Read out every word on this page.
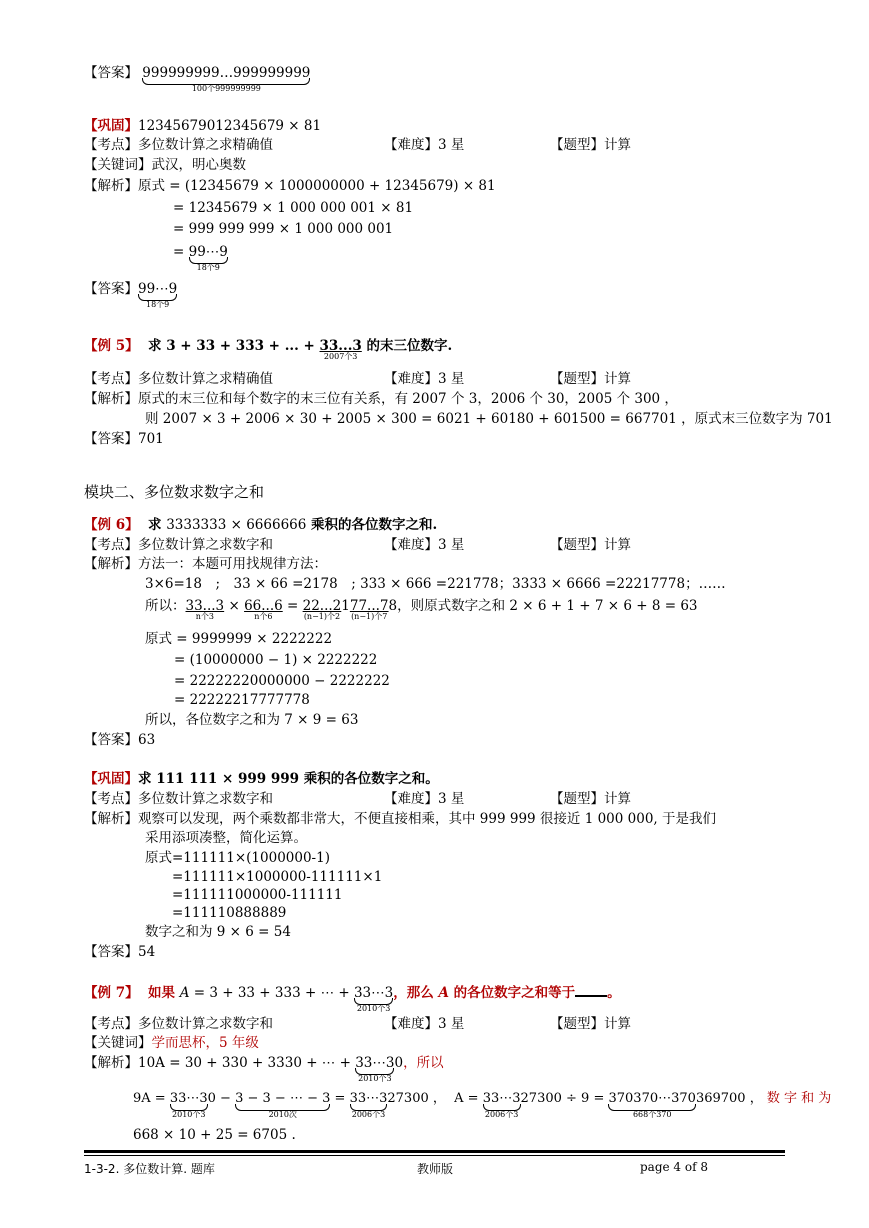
【答案】 999999999…999999999
100个999999999
【巩固】12345679012345679 × 81
【考点】多位数计算之求精确值	【难度】3 星	【题型】计算
【关键词】武汉，明心奥数
【解析】原式 = (12345679 × 1000000000 + 12345679) × 81
= 12345679 × 1 000 000 001 × 81
= 999 999 999 × 1 000 000 001
= 99⋯9
18个9
【答案】99⋯9
18个9
【例 5】 求 3 + 33 + 333 + ... + 33...3
2007个3
的末三位数字.
【考点】多位数计算之求精确值	【难度】3 星	【题型】计算
【解析】原式的末三位和每个数字的末三位有关系，有 2007 个 3，2006 个 30，2005 个 300 ，
则 2007 × 3 + 2006 × 30 + 2005 × 300 = 6021 + 60180 + 601500 = 667701 ，原式末三位数字为 701
【答案】701
模块二、多位数求数字之和
【例 6】 求 3333333 × 6666666 乘积的各位数字之和.
【考点】多位数计算之求数字和	【难度】3 星	【题型】计算
【解析】方法一：本题可用找规律方法：
3×6=18　;　33 × 66 =2178　; 333 × 666 =221778；3333 × 6666 =22217778；……
所以：33...3
n个3
× 66...6
n个6
= 22...2
(n−1)个2
177...7
(n−1)个7
8，则原式数字之和 2 × 6 + 1 + 7 × 6 + 8 = 63
原式 = 9999999 × 2222222
= (10000000 − 1) × 2222222
= 22222220000000 − 2222222
= 22222217777778
所以，各位数字之和为 7 × 9 = 63
【答案】63
【巩固】求 111 111 × 999 999 乘积的各位数字之和。
【考点】多位数计算之求数字和	【难度】3 星	【题型】计算
【解析】观察可以发现，两个乘数都非常大，不便直接相乘，其中 999 999 很接近 1 000 000, 于是我们
采用添项凑整，简化运算。
原式=111111×(1000000-1)
=111111×1000000-111111×1
=111111000000-111111
=111110888889
数字之和为 9 × 6 = 54
【答案】54
【例 7】 如果 A = 3 + 33 + 333 + ⋯ + 33⋯3
2010个3
，那么 A 的各位数字之和等于 。
【考点】多位数计算之求数字和	【难度】3 星	【题型】计算
【关键词】学而思杯，5 年级
【解析】10A = 30 + 330 + 3330 + ⋯ + 33⋯3
2010个3
0，所以
9A = 33⋯3
2010个3
0 − 3 − 3 − ⋯ − 3
2010次
= 33⋯3
2006个3
27300 ， A = 33⋯3
2006个3
27300 ÷ 9 = 370370⋯370
668个370
369700 ， 数 字 和 为
668 × 10 + 25 = 6705 .
1-3-2. 多位数计算. 题库	教师版	page 4 of 8
